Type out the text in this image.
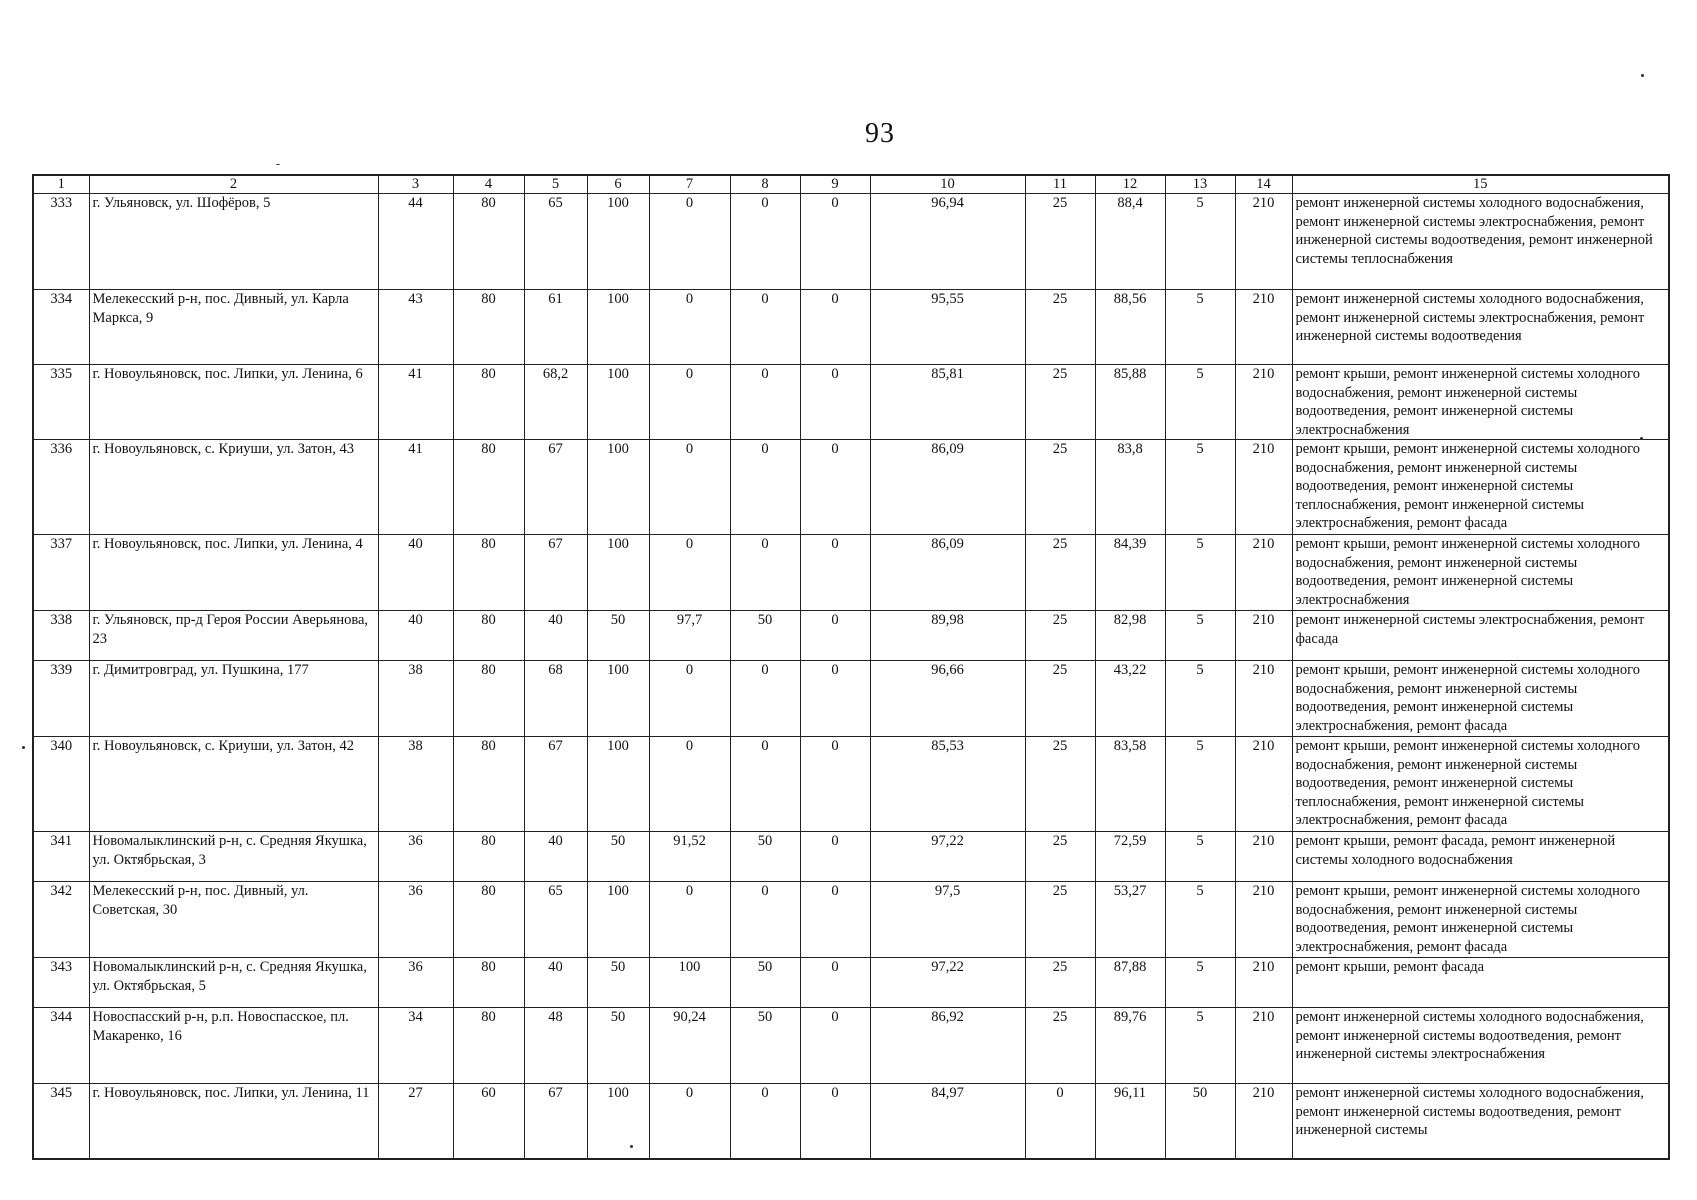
93
1	2	3	4	5	6	7	8	9	10	11	12	13	14	15
333	г. Ульяновск, ул. Шофёров, 5	44	80	65	100	0	0	0	96,94	25	88,4	5	210	ремонт инженерной системы холодного водоснабжения, ремонт инженерной системы электроснабжения, ремонт инженерной системы водоотведения, ремонт инженерной системы теплоснабжения
334	Мелекесский р-н, пос. Дивный, ул. Карла Маркса, 9	43	80	61	100	0	0	0	95,55	25	88,56	5	210	ремонт инженерной системы холодного водоснабжения, ремонт инженерной системы электроснабжения, ремонт инженерной системы водоотведения
335	г. Новоульяновск, пос. Липки, ул. Ленина, 6	41	80	68,2	100	0	0	0	85,81	25	85,88	5	210	ремонт крыши, ремонт инженерной системы холодного водоснабжения, ремонт инженерной системы водоотведения, ремонт инженерной системы электроснабжения
336	г. Новоульяновск, с. Криуши, ул. Затон, 43	41	80	67	100	0	0	0	86,09	25	83,8	5	210	ремонт крыши, ремонт инженерной системы холодного водоснабжения, ремонт инженерной системы водоотведения, ремонт инженерной системы теплоснабжения, ремонт инженерной системы электроснабжения, ремонт фасада
337	г. Новоульяновск, пос. Липки, ул. Ленина, 4	40	80	67	100	0	0	0	86,09	25	84,39	5	210	ремонт крыши, ремонт инженерной системы холодного водоснабжения, ремонт инженерной системы водоотведения, ремонт инженерной системы электроснабжения
338	г. Ульяновск, пр-д Героя России Аверьянова, 23	40	80	40	50	97,7	50	0	89,98	25	82,98	5	210	ремонт инженерной системы электроснабжения, ремонт фасада
339	г. Димитровград, ул. Пушкина, 177	38	80	68	100	0	0	0	96,66	25	43,22	5	210	ремонт крыши, ремонт инженерной системы холодного водоснабжения, ремонт инженерной системы водоотведения, ремонт инженерной системы электроснабжения, ремонт фасада
340	г. Новоульяновск, с. Криуши, ул. Затон, 42	38	80	67	100	0	0	0	85,53	25	83,58	5	210	ремонт крыши, ремонт инженерной системы холодного водоснабжения, ремонт инженерной системы водоотведения, ремонт инженерной системы теплоснабжения, ремонт инженерной системы электроснабжения, ремонт фасада
341	Новомалыклинский р-н, с. Средняя Якушка, ул. Октябрьская, 3	36	80	40	50	91,52	50	0	97,22	25	72,59	5	210	ремонт крыши, ремонт фасада, ремонт инженерной системы холодного водоснабжения
342	Мелекесский р-н, пос. Дивный, ул. Советская, 30	36	80	65	100	0	0	0	97,5	25	53,27	5	210	ремонт крыши, ремонт инженерной системы холодного водоснабжения, ремонт инженерной системы водоотведения, ремонт инженерной системы электроснабжения, ремонт фасада
343	Новомалыклинский р-н, с. Средняя Якушка, ул. Октябрьская, 5	36	80	40	50	100	50	0	97,22	25	87,88	5	210	ремонт крыши, ремонт фасада
344	Новоспасский р-н, р.п. Новоспасское, пл. Макаренко, 16	34	80	48	50	90,24	50	0	86,92	25	89,76	5	210	ремонт инженерной системы холодного водоснабжения, ремонт инженерной системы водоотведения, ремонт инженерной системы электроснабжения
345	г. Новоульяновск, пос. Липки, ул. Ленина, 11	27	60	67	100	0	0	0	84,97	0	96,11	50	210	ремонт инженерной системы холодного водоснабжения, ремонт инженерной системы водоотведения, ремонт инженерной системы
